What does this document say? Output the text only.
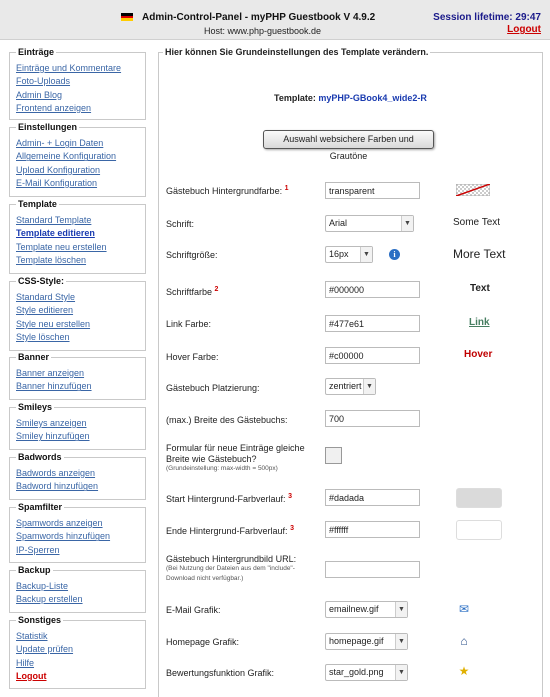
Admin-Control-Panel - myPHP Guestbook V 4.9.2
Host: www.php-guestbook.de
Session lifetime: 29:47
Logout
Einträge
Einträge und Kommentare
Foto-Uploads
Admin Blog
Frontend anzeigen
Einstellungen
Admin- + Login Daten
Allgemeine Konfiguration
Upload Konfiguration
E-Mail Konfiguration
Template
Standard Template
Template editieren
Template neu erstellen
Template löschen
CSS-Style:
Standard Style
Style editieren
Style neu erstellen
Style löschen
Banner
Banner anzeigen
Banner hinzufügen
Smileys
Smileys anzeigen
Smiley hinzufügen
Badwords
Badwords anzeigen
Badword hinzufügen
Spamfilter
Spamwords anzeigen
Spamwords hinzufügen
IP-Sperren
Backup
Backup-Liste
Backup erstellen
Sonstiges
Statistik
Update prüfen
Hilfe
Logout
Hier können Sie Grundeinstellungen des Template verändern.
Template: myPHP-GBook4_wide2-R
Auswahl websichere Farben und Grautöne
Gästebuch Hintergrundfarbe: $^1$	transparent
Schrift:	Arial	▼	Some Text
Schriftgröße:	16px	▼	i	More Text
Schriftfarbe $^2$	#000000	Text
Link Farbe:	#477e61	Link
Hover Farbe:	#c00000	Hover
Gästebuch Platzierung:	zentriert ▼
(max.) Breite des Gästebuchs:	700
Formular für neue Einträge gleiche Breite wie Gästebuch?
(Grundeinstellung: max-width = 500px)
Start Hintergrund-Farbverlauf: $^3$	#dadada
Ende Hintergrund-Farbverlauf: $^3$	#ffffff
Gästebuch Hintergrundbild URL:
(Bei Nutzung der Dateien aus dem "include"-Download nicht verfügbar.)
E-Mail Grafik:	emailnew.gif	▼	✉
Homepage Grafik:	homepage.gif	▼	⌂
Bewertungsfunktion Grafik:	star_gold.png	▼	★
